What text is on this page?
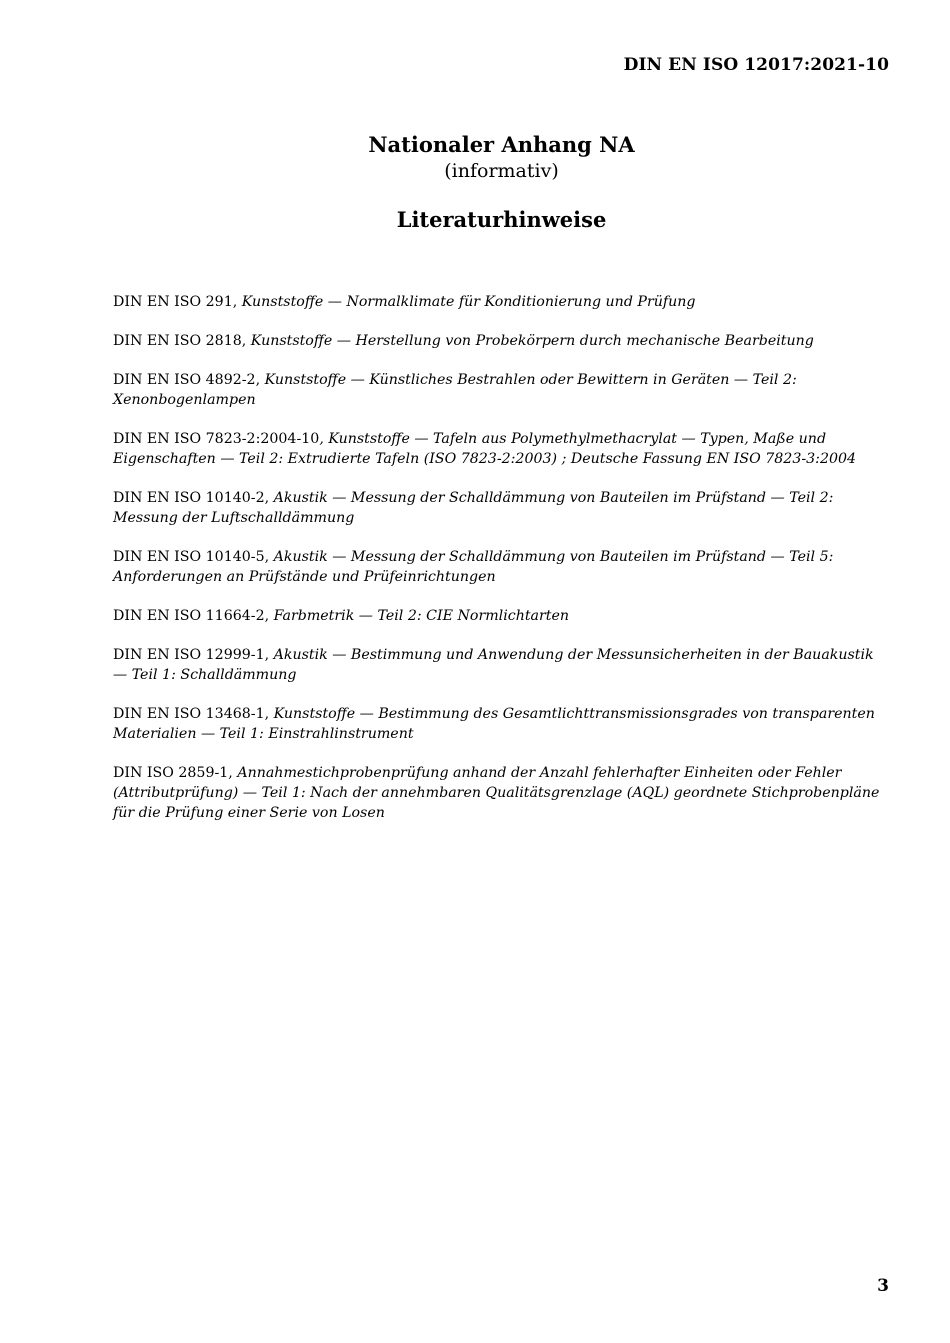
DIN EN ISO 12017:2021-10
Nationaler Anhang NA
(informativ)
Literaturhinweise

DIN EN ISO 291, Kunststoffe — Normalklimate für Konditionierung und Prüfung

DIN EN ISO 2818, Kunststoffe — Herstellung von Probekörpern durch mechanische Bearbeitung

DIN EN ISO 4892-2, Kunststoffe — Künstliches Bestrahlen oder Bewittern in Geräten — Teil 2: Xenonbogenlampen

DIN EN ISO 7823-2:2004-10, Kunststoffe — Tafeln aus Polymethylmethacrylat — Typen, Maße und Eigenschaften — Teil 2: Extrudierte Tafeln (ISO 7823-2:2003) ; Deutsche Fassung EN ISO 7823-3:2004

DIN EN ISO 10140-2, Akustik — Messung der Schalldämmung von Bauteilen im Prüfstand — Teil 2: Messung der Luftschalldämmung

DIN EN ISO 10140-5, Akustik — Messung der Schalldämmung von Bauteilen im Prüfstand — Teil 5: Anforderungen an Prüfstände und Prüfeinrichtungen

DIN EN ISO 11664-2, Farbmetrik — Teil 2: CIE Normlichtarten

DIN EN ISO 12999-1, Akustik — Bestimmung und Anwendung der Messunsicherheiten in der Bauakustik — Teil 1: Schalldämmung

DIN EN ISO 13468-1, Kunststoffe — Bestimmung des Gesamtlichttransmissionsgrades von transparenten Materialien — Teil 1: Einstrahlinstrument

DIN ISO 2859-1, Annahmestichprobenprüfung anhand der Anzahl fehlerhafter Einheiten oder Fehler (Attributprüfung) — Teil 1: Nach der annehmbaren Qualitätsgrenzlage (AQL) geordnete Stichprobenpläne für die Prüfung einer Serie von Losen

3
